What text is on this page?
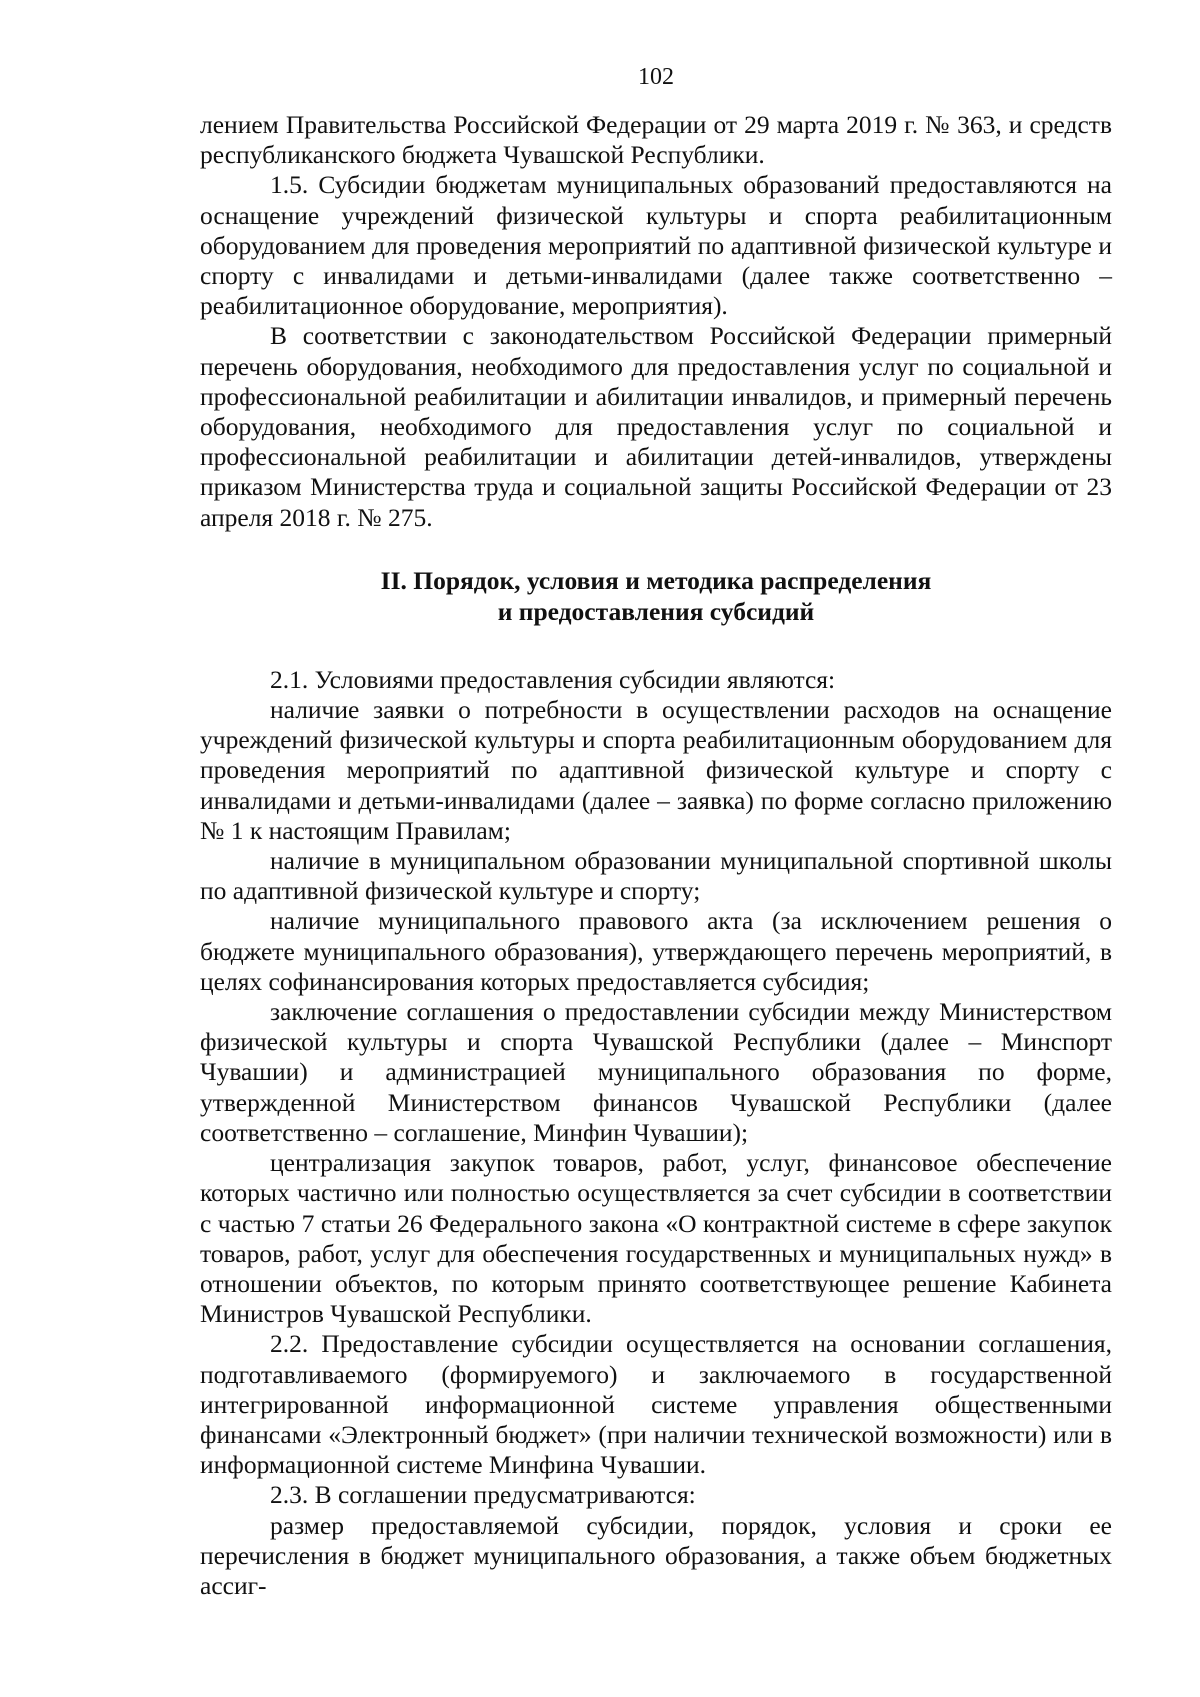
102

лением Правительства Российской Федерации от 29 марта 2019 г. № 363, и средств республиканского бюджета Чувашской Республики.

1.5. Субсидии бюджетам муниципальных образований предоставляются на оснащение учреждений физической культуры и спорта реабилитационным оборудованием для проведения мероприятий по адаптивной физической культуре и спорту с инвалидами и детьми-инвалидами (далее также соответственно – реабилитационное оборудование, мероприятия).

В соответствии с законодательством Российской Федерации примерный перечень оборудования, необходимого для предоставления услуг по социальной и профессиональной реабилитации и абилитации инвалидов, и примерный перечень оборудования, необходимого для предоставления услуг по социальной и профессиональной реабилитации и абилитации детей-инвалидов, утверждены приказом Министерства труда и социальной защиты Российской Федерации от 23 апреля 2018 г. № 275.

II. Порядок, условия и методика распределения
и предоставления субсидий

2.1. Условиями предоставления субсидии являются:

наличие заявки о потребности в осуществлении расходов на оснащение учреждений физической культуры и спорта реабилитационным оборудованием для проведения мероприятий по адаптивной физической культуре и спорту с инвалидами и детьми-инвалидами (далее – заявка) по форме согласно приложению № 1 к настоящим Правилам;

наличие в муниципальном образовании муниципальной спортивной школы по адаптивной физической культуре и спорту;

наличие муниципального правового акта (за исключением решения о бюджете муниципального образования), утверждающего перечень мероприятий, в целях софинансирования которых предоставляется субсидия;

заключение соглашения о предоставлении субсидии между Министерством физической культуры и спорта Чувашской Республики (далее – Минспорт Чувашии) и администрацией муниципального образования по форме, утвержденной Министерством финансов Чувашской Республики (далее соответственно – соглашение, Минфин Чувашии);

централизация закупок товаров, работ, услуг, финансовое обеспечение которых частично или полностью осуществляется за счет субсидии в соответствии с частью 7 статьи 26 Федерального закона «О контрактной системе в сфере закупок товаров, работ, услуг для обеспечения государственных и муниципальных нужд» в отношении объектов, по которым принято соответствующее решение Кабинета Министров Чувашской Республики.

2.2. Предоставление субсидии осуществляется на основании соглашения, подготавливаемого (формируемого) и заключаемого в государственной интегрированной информационной системе управления общественными финансами «Электронный бюджет» (при наличии технической возможности) или в информационной системе Минфина Чувашии.

2.3. В соглашении предусматриваются:

размер предоставляемой субсидии, порядок, условия и сроки ее перечисления в бюджет муниципального образования, а также объем бюджетных ассиг-
